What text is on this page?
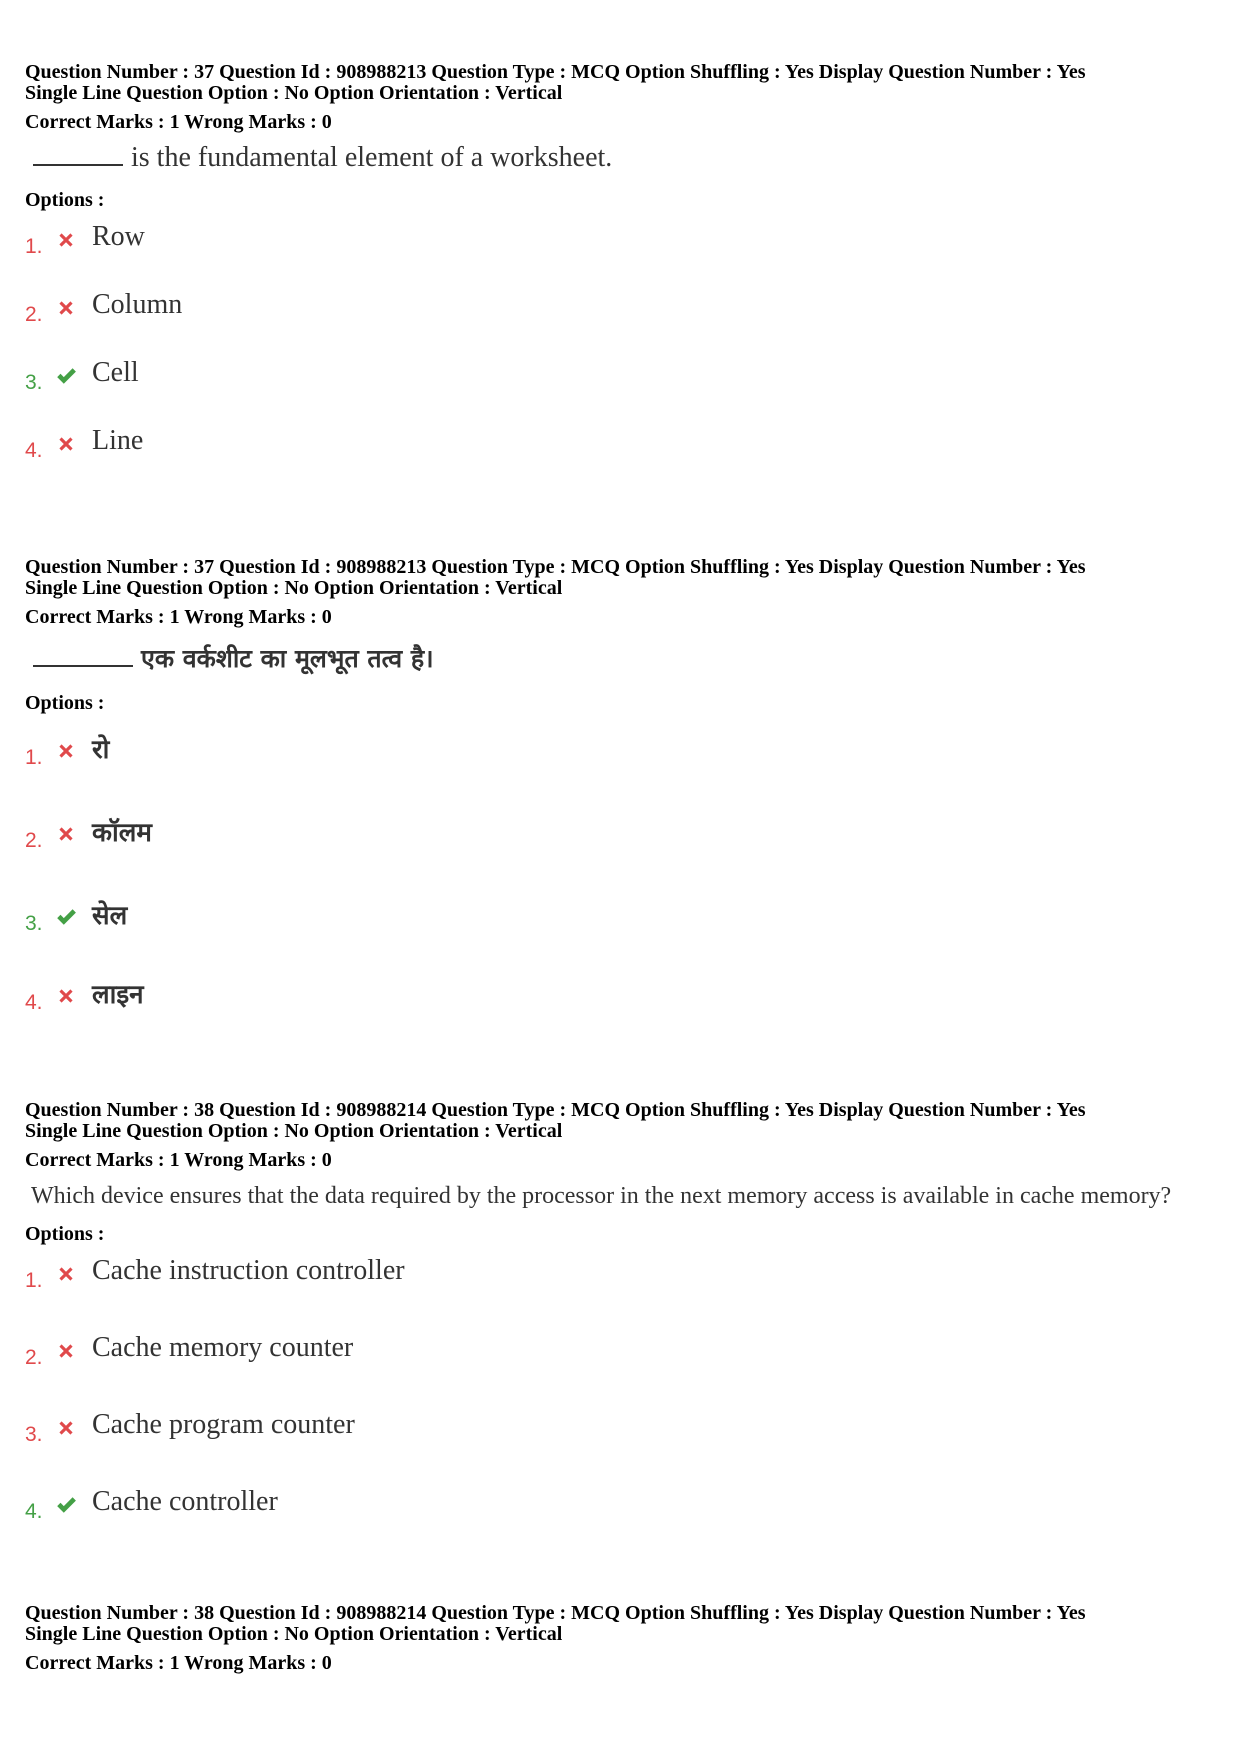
Question Number : 37 Question Id : 908988213 Question Type : MCQ Option Shuffling : Yes Display Question Number : Yes
Single Line Question Option : No Option Orientation : Vertical
Correct Marks : 1 Wrong Marks : 0
is the fundamental element of a worksheet.
Options :
1. Row
2. Column
3. Cell
4. Line
Question Number : 37 Question Id : 908988213 Question Type : MCQ Option Shuffling : Yes Display Question Number : Yes
Single Line Question Option : No Option Orientation : Vertical
Correct Marks : 1 Wrong Marks : 0
एक वर्कशीट का मूलभूत तत्व है।
Options :
1. रो
2. कॉलम
3. सेल
4. लाइन
Question Number : 38 Question Id : 908988214 Question Type : MCQ Option Shuffling : Yes Display Question Number : Yes
Single Line Question Option : No Option Orientation : Vertical
Correct Marks : 1 Wrong Marks : 0
Which device ensures that the data required by the processor in the next memory access is available in cache memory?
Options :
1. Cache instruction controller
2. Cache memory counter
3. Cache program counter
4. Cache controller
Question Number : 38 Question Id : 908988214 Question Type : MCQ Option Shuffling : Yes Display Question Number : Yes
Single Line Question Option : No Option Orientation : Vertical
Correct Marks : 1 Wrong Marks : 0
